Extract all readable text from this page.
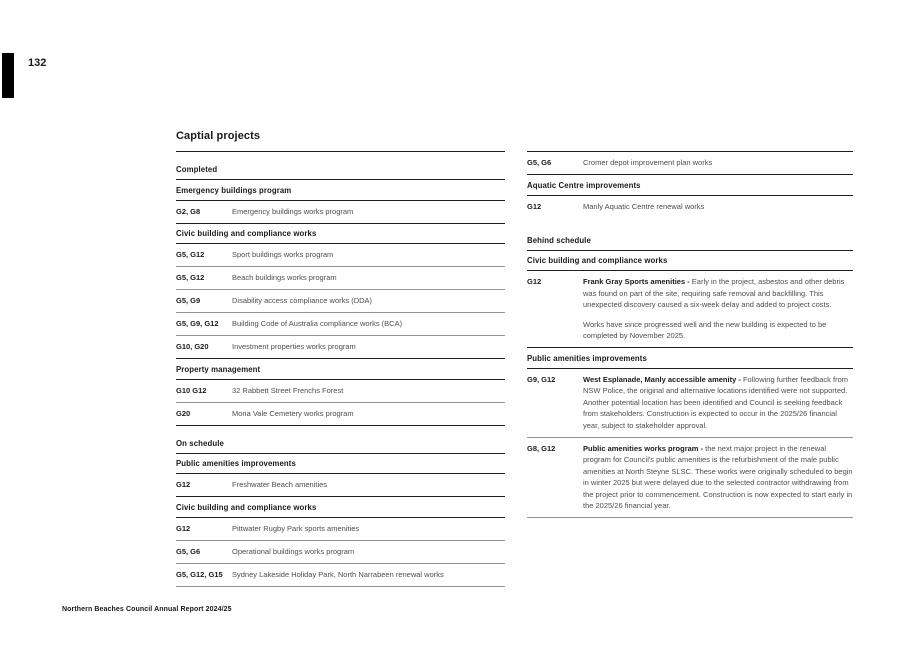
132
Captial projects
Completed
Emergency buildings program
G2, G8	Emergency buildings works program
Civic building and compliance works
G5, G12	Sport buildings works program
G5, G12	Beach buildings works program
G5, G9	Disability access compliance works (DDA)
G5, G9, G12	Building Code of Australia compliance works (BCA)
G10, G20	Investment properties works program
Property management
G10 G12	32 Rabbett Street Frenchs Forest
G20	Mona Vale Cemetery works program
On schedule
Public amenities improvements
G12	Freshwater Beach amenities
Civic building and compliance works
G12	Pittwater Rugby Park sports amenities
G5, G6	Operational buildings works program
G5, G12, G15	Sydney Lakeside Holiday Park, North Narrabeen renewal works
G5, G6	Cromer depot improvement plan works
Aquatic Centre improvements
G12	Manly Aquatic Centre renewal works
Behind schedule
Civic building and compliance works
G12	Frank Gray Sports amenities - Early in the project, asbestos and other debris was found on part of the site, requiring safe removal and backfilling. This unexpected discovery caused a six-week delay and added to project costs.

Works have since progressed well and the new building is expected to be completed by November 2025.

Public amenities improvements
G9, G12	West Esplanade, Manly accessible amenity - Following further feedback from NSW Police, the original and alternative locations identified were not supported. Another potential location has been identified and Council is seeking feedback from stakeholders. Construction is expected to occur in the 2025/26 financial year, subject to stakeholder approval.

G8, G12	Public amenities works program - the next major project in the renewal program for Council's public amenities is the refurbishment of the male public amenities at North Steyne SLSC. These works were originally scheduled to begin in winter 2025 but were delayed due to the selected contractor withdrawing from the project prior to commencement. Construction is now expected to start early in the 2025/26 financial year.

Northern Beaches Council Annual Report 2024/25
